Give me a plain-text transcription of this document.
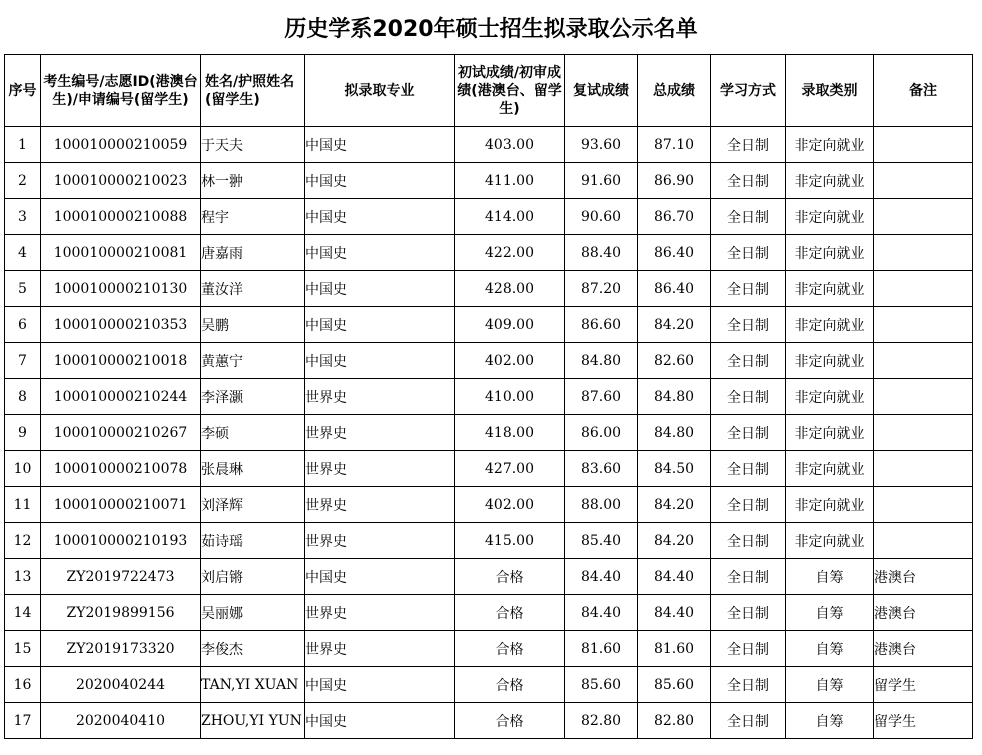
历史学系2020年硕士招生拟录取公示名单
序号	考生编号/志愿ID(港澳台生)/申请编号(留学生)	姓名/护照姓名(留学生)	拟录取专业	初试成绩/初审成绩(港澳台、留学生)	复试成绩	总成绩	学习方式	录取类别	备注
1	100010000210059	于天夫	中国史	403.00	93.60	87.10	全日制	非定向就业	
2	100010000210023	林一翀	中国史	411.00	91.60	86.90	全日制	非定向就业	
3	100010000210088	程宇	中国史	414.00	90.60	86.70	全日制	非定向就业	
4	100010000210081	唐嘉雨	中国史	422.00	88.40	86.40	全日制	非定向就业	
5	100010000210130	董汝洋	中国史	428.00	87.20	86.40	全日制	非定向就业	
6	100010000210353	吴鹏	中国史	409.00	86.60	84.20	全日制	非定向就业	
7	100010000210018	黄蕙宁	中国史	402.00	84.80	82.60	全日制	非定向就业	
8	100010000210244	李泽灏	世界史	410.00	87.60	84.80	全日制	非定向就业	
9	100010000210267	李硕	世界史	418.00	86.00	84.80	全日制	非定向就业	
10	100010000210078	张晨琳	世界史	427.00	83.60	84.50	全日制	非定向就业	
11	100010000210071	刘泽辉	世界史	402.00	88.00	84.20	全日制	非定向就业	
12	100010000210193	茹诗瑶	世界史	415.00	85.40	84.20	全日制	非定向就业	
13	ZY2019722473	刘启锵	中国史	合格	84.40	84.40	全日制	自筹	港澳台
14	ZY2019899156	吴丽娜	世界史	合格	84.40	84.40	全日制	自筹	港澳台
15	ZY2019173320	李俊杰	世界史	合格	81.60	81.60	全日制	自筹	港澳台
16	2020040244	TAN,YI XUAN	中国史	合格	85.60	85.60	全日制	自筹	留学生
17	2020040410	ZHOU,YI YUN	中国史	合格	82.80	82.80	全日制	自筹	留学生
